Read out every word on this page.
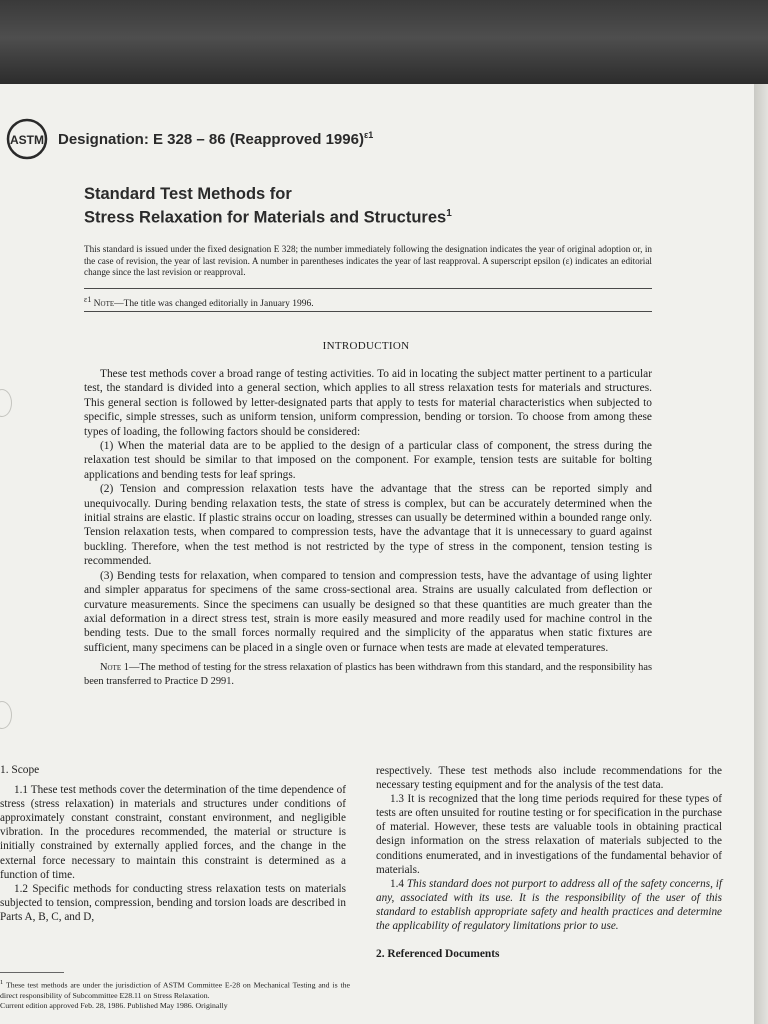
ASTM Designation: E 328 – 86 (Reapproved 1996)$^{\varepsilon 1}$
Standard Test Methods for
Stress Relaxation for Materials and Structures$^1$
This standard is issued under the fixed designation E 328; the number immediately following the designation indicates the year of original adoption or, in the case of revision, the year of last revision. A number in parentheses indicates the year of last reapproval. A superscript epsilon (ε) indicates an editorial change since the last revision or reapproval.
$^{\varepsilon 1}$ Note—The title was changed editorially in January 1996.
INTRODUCTION

These test methods cover a broad range of testing activities. To aid in locating the subject matter pertinent to a particular test, the standard is divided into a general section, which applies to all stress relaxation tests for materials and structures. This general section is followed by letter-designated parts that apply to tests for material characteristics when subjected to specific, simple stresses, such as uniform tension, uniform compression, bending or torsion. To choose from among these types of loading, the following factors should be considered:

(1) When the material data are to be applied to the design of a particular class of component, the stress during the relaxation test should be similar to that imposed on the component. For example, tension tests are suitable for bolting applications and bending tests for leaf springs.

(2) Tension and compression relaxation tests have the advantage that the stress can be reported simply and unequivocally. During bending relaxation tests, the state of stress is complex, but can be accurately determined when the initial strains are elastic. If plastic strains occur on loading, stresses can usually be determined within a bounded range only. Tension relaxation tests, when compared to compression tests, have the advantage that it is unnecessary to guard against buckling. Therefore, when the test method is not restricted by the type of stress in the component, tension testing is recommended.

(3) Bending tests for relaxation, when compared to tension and compression tests, have the advantage of using lighter and simpler apparatus for specimens of the same cross-sectional area. Strains are usually calculated from deflection or curvature measurements. Since the specimens can usually be designed so that these quantities are much greater than the axial deformation in a direct stress test, strain is more easily measured and more readily used for machine control in the bending tests. Due to the small forces normally required and the simplicity of the apparatus when static fixtures are sufficient, many specimens can be placed in a single oven or furnace when tests are made at elevated temperatures.

Note 1—The method of testing for the stress relaxation of plastics has been withdrawn from this standard, and the responsibility has been transferred to Practice D 2991.

1. Scope

1.1 These test methods cover the determination of the time dependence of stress (stress relaxation) in materials and structures under conditions of approximately constant constraint, constant environment, and negligible vibration. In the procedures recommended, the material or structure is initially constrained by externally applied forces, and the change in the external force necessary to maintain this constraint is determined as a function of time.

1.2 Specific methods for conducting stress relaxation tests on materials subjected to tension, compression, bending and torsion loads are described in Parts A, B, C, and D,

respectively. These test methods also include recommendations for the necessary testing equipment and for the analysis of the test data.

1.3 It is recognized that the long time periods required for these types of tests are often unsuited for routine testing or for specification in the purchase of material. However, these tests are valuable tools in obtaining practical design information on the stress relaxation of materials subjected to the conditions enumerated, and in investigations of the fundamental behavior of materials.

1.4 This standard does not purport to address all of the safety concerns, if any, associated with its use. It is the responsibility of the user of this standard to establish appropriate safety and health practices and determine the applicability of regulatory limitations prior to use.

2. Referenced Documents

$^1$ These test methods are under the jurisdiction of ASTM Committee E-28 on Mechanical Testing and is the direct responsibility of Subcommittee E28.11 on Stress Relaxation.

Current edition approved Feb. 28, 1986. Published May 1986. Originally
